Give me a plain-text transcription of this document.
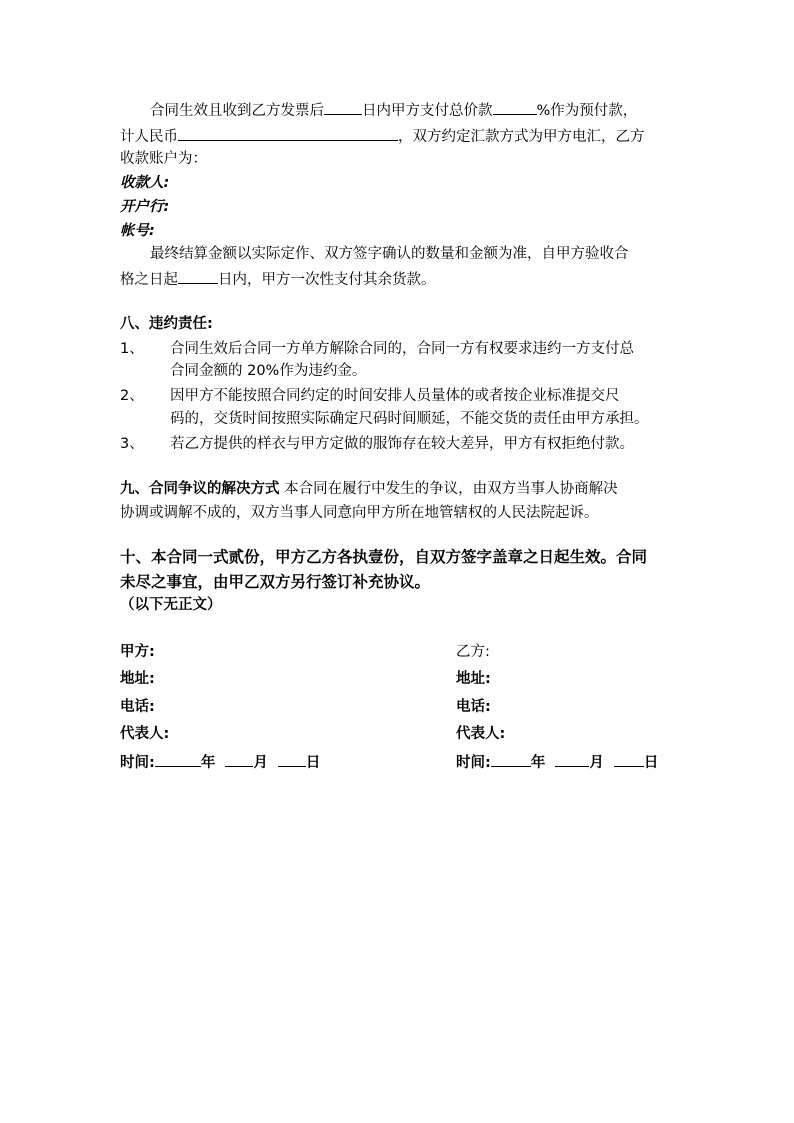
合同生效且收到乙方发票后	日内甲方支付总价款	%作为预付款，
计人民币	，双方约定汇款方式为甲方电汇，乙方
收款账户为：
收款人:
开户行:
帐号:
最终结算金额以实际定作、双方签字确认的数量和金额为准，自甲方验收合
格之日起	日内，甲方一次性支付其余货款。
八、违约责任:
1、 合同生效后合同一方单方解除合同的，合同一方有权要求违约一方支付总
合同金额的 20%作为违约金。
2、 因甲方不能按照合同约定的时间安排人员量体的或者按企业标准提交尺
码的，交货时间按照实际确定尺码时间顺延，不能交货的责任由甲方承担。
3、 若乙方提供的样衣与甲方定做的服饰存在较大差异，甲方有权拒绝付款。
九、合同争议的解决方式 本合同在履行中发生的争议，由双方当事人协商解决
协调或调解不成的，双方当事人同意向甲方所在地管辖权的人民法院起诉。
十、本合同一式贰份，甲方乙方各执壹份，自双方签字盖章之日起生效。合同
未尽之事宜，由甲乙双方另行签订补充协议。
（以下无正文）
甲方:
地址:
电话:
代表人:
时间:	年	月	日
乙方:
地址:
电话:
代表人:
时间:	年	月	日
